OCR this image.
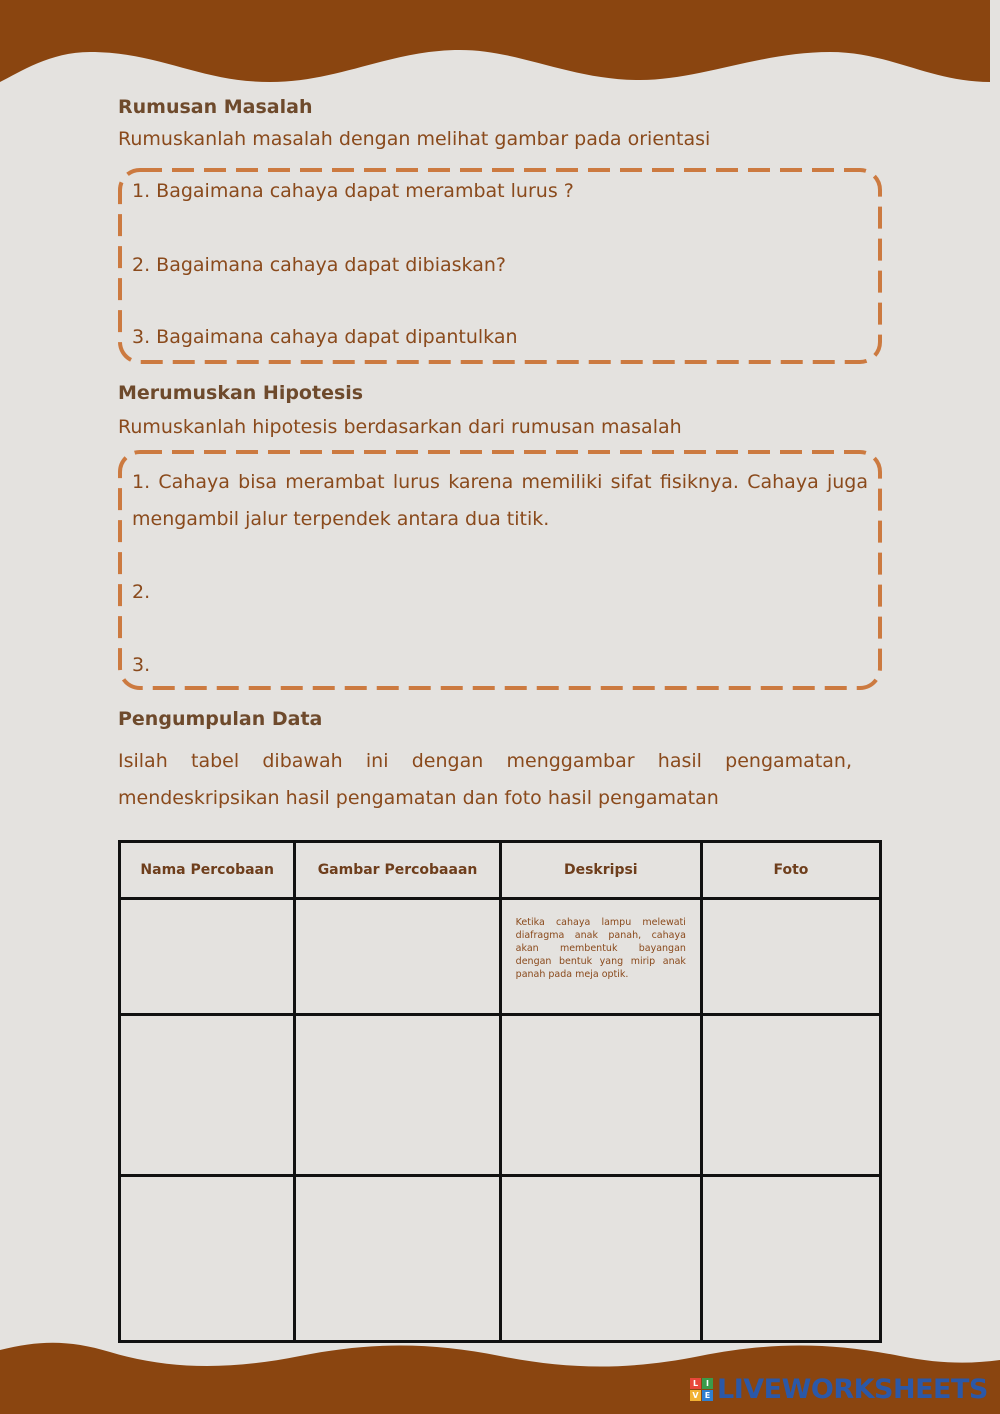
Rumusan Masalah

Rumuskanlah masalah dengan melihat gambar pada orientasi

1. Bagaimana cahaya dapat merambat lurus ?
2. Bagaimana cahaya dapat dibiaskan?
3. Bagaimana cahaya dapat dipantulkan
Merumuskan Hipotesis

Rumuskanlah hipotesis berdasarkan dari rumusan masalah

1. Cahaya bisa merambat lurus karena memiliki sifat fisiknya. Cahaya juga
mengambil jalur terpendek antara dua titik.
2.
3.
Pengumpulan Data
Isilah tabel dibawah ini dengan menggambar hasil pengamatan,
mendeskripsikan hasil pengamatan dan foto hasil pengamatan
Nama Percobaan	Gambar Percobaaan	Deskripsi	Foto

		Ketika cahaya lampu melewati diafragma anak panah, cahaya akan membentuk bayangan dengan bentuk yang mirip anak panah pada meja optik.	

L I
V E LIVEWORKSHEETS
